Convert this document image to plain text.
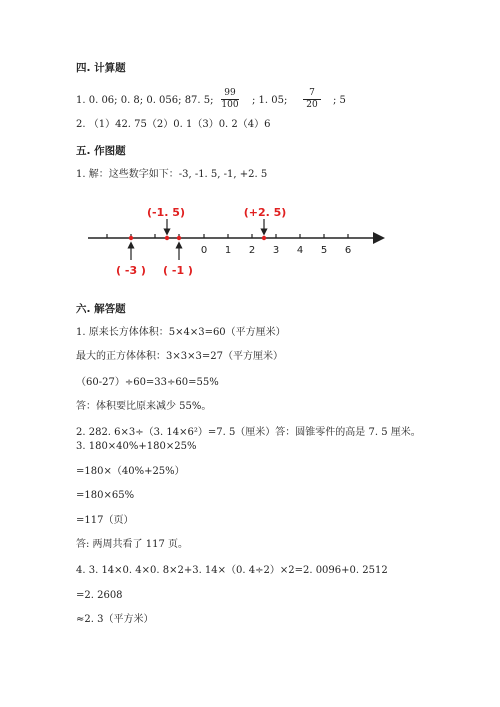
四. 计算题
1. 0. 06; 0. 8; 0. 056; 87. 5;
99
100 ; 1. 05;
7
20	; 5
2. （1）42. 75（2）0. 1（3）0. 2（4）6
五. 作图题
1. 解：这些数字如下：-3, -1. 5, -1, +2. 5
0 1 2 3 4 5 6
(-1. 5)	(+2. 5)
( -3 ) ( -1 )
六. 解答题
1. 原来长方体体积：5×4×3=60（平方厘米）
最大的正方体体积：3×3×3=27（平方厘米）
（60-27）÷60=33÷60=55%
答：体积要比原来减少 55%。
2. 282. 6×3÷（3. 14×6²）=7. 5（厘米）答：圆锥零件的高是 7. 5 厘米。
3. 180×40%+180×25%
=180×（40%+25%）
=180×65%
=117（页）
答: 两周共看了 117 页。
4. 3. 14×0. 4×0. 8×2+3. 14×（0. 4÷2）×2=2. 0096+0. 2512
=2. 2608
≈2. 3（平方米）
